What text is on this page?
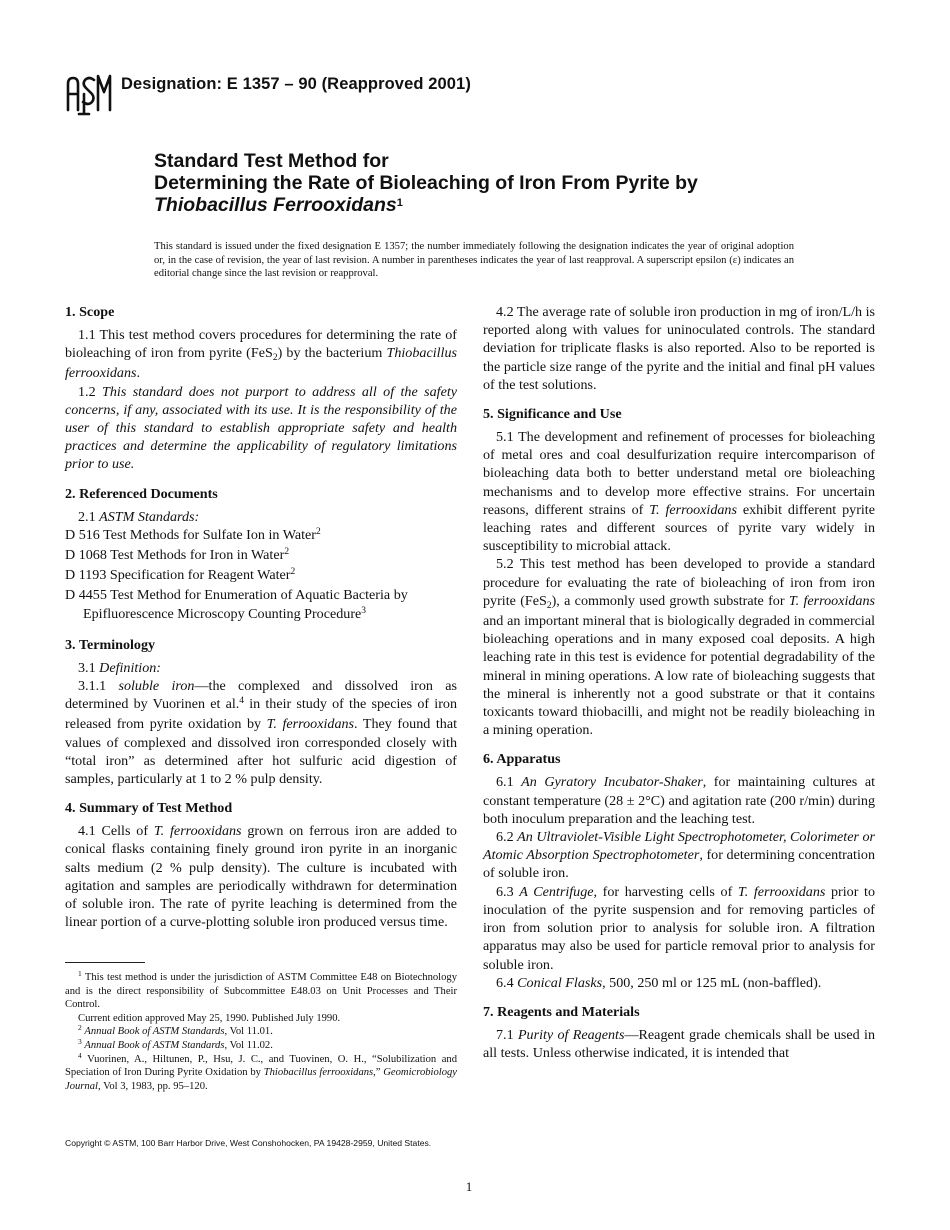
Designation: E 1357 – 90 (Reapproved 2001)
Standard Test Method for
Determining the Rate of Bioleaching of Iron From Pyrite by
Thiobacillus Ferrooxidans$^1$
This standard is issued under the fixed designation E 1357; the number immediately following the designation indicates the year of original adoption or, in the case of revision, the year of last revision. A number in parentheses indicates the year of last reapproval. A superscript epsilon (ε) indicates an editorial change since the last revision or reapproval.
1. Scope

1.1 This test method covers procedures for determining the rate of bioleaching of iron from pyrite (FeS$_2$) by the bacterium Thiobacillus ferrooxidans.

1.2 This standard does not purport to address all of the safety concerns, if any, associated with its use. It is the responsibility of the user of this standard to establish appropriate safety and health practices and determine the applicability of regulatory limitations prior to use.

2. Referenced Documents

2.1 ASTM Standards:

D 516 Test Methods for Sulfate Ion in Water$^2$

D 1068 Test Methods for Iron in Water$^2$

D 1193 Specification for Reagent Water$^2$

D 4455 Test Method for Enumeration of Aquatic Bacteria by Epifluorescence Microscopy Counting Procedure$^3$

3. Terminology

3.1 Definition:

3.1.1 soluble iron—the complexed and dissolved iron as determined by Vuorinen et al.$^4$ in their study of the species of iron released from pyrite oxidation by T. ferrooxidans. They found that values of complexed and dissolved iron corresponded closely with “total iron” as determined after hot sulfuric acid digestion of samples, particularly at 1 to 2 % pulp density.

4. Summary of Test Method

4.1 Cells of T. ferrooxidans grown on ferrous iron are added to conical flasks containing finely ground iron pyrite in an inorganic salts medium (2 % pulp density). The culture is incubated with agitation and samples are periodically withdrawn for determination of soluble iron. The rate of pyrite leaching is determined from the linear portion of a curve-plotting soluble iron produced versus time.

$^1$ This test method is under the jurisdiction of ASTM Committee E48 on Biotechnology and is the direct responsibility of Subcommittee E48.03 on Unit Processes and Their Control.

Current edition approved May 25, 1990. Published July 1990.

$^2$ Annual Book of ASTM Standards, Vol 11.01.

$^3$ Annual Book of ASTM Standards, Vol 11.02.

$^4$ Vuorinen, A., Hiltunen, P., Hsu, J. C., and Tuovinen, O. H., “Solubilization and Speciation of Iron During Pyrite Oxidation by Thiobacillus ferrooxidans,” Geomicrobiology Journal, Vol 3, 1983, pp. 95–120.

4.2 The average rate of soluble iron production in mg of iron/L/h is reported along with values for uninoculated controls. The standard deviation for triplicate flasks is also reported. Also to be reported is the particle size range of the pyrite and the initial and final pH values of the test solutions.

5. Significance and Use

5.1 The development and refinement of processes for bioleaching of metal ores and coal desulfurization require intercomparison of bioleaching data both to better understand metal ore bioleaching mechanisms and to develop more effective strains. For uncertain reasons, different strains of T. ferrooxidans exhibit different pyrite leaching rates and different sources of pyrite vary widely in susceptibility to microbial attack.

5.2 This test method has been developed to provide a standard procedure for evaluating the rate of bioleaching of iron from iron pyrite (FeS$_2$), a commonly used growth substrate for T. ferrooxidans and an important mineral that is biologically degraded in commercial bioleaching operations and in many exposed coal deposits. A high leaching rate in this test is evidence for potential degradability of the mineral in mining operations. A low rate of bioleaching suggests that the mineral is inherently not a good substrate or that it contains toxicants toward thiobacilli, and might not be readily bioleaching in a mining operation.

6. Apparatus

6.1 An Gyratory Incubator-Shaker, for maintaining cultures at constant temperature (28 ± 2°C) and agitation rate (200 r/min) during both inoculum preparation and the leaching test.

6.2 An Ultraviolet-Visible Light Spectrophotometer, Colorimeter or Atomic Absorption Spectrophotometer, for determining concentration of soluble iron.

6.3 A Centrifuge, for harvesting cells of T. ferrooxidans prior to inoculation of the pyrite suspension and for removing particles of iron from solution prior to analysis for soluble iron. A filtration apparatus may also be used for particle removal prior to analysis for soluble iron.

6.4 Conical Flasks, 500, 250 ml or 125 mL (non-baffled).

7. Reagents and Materials

7.1 Purity of Reagents—Reagent grade chemicals shall be used in all tests. Unless otherwise indicated, it is intended that

Copyright © ASTM, 100 Barr Harbor Drive, West Conshohocken, PA 19428-2959, United States.
1
